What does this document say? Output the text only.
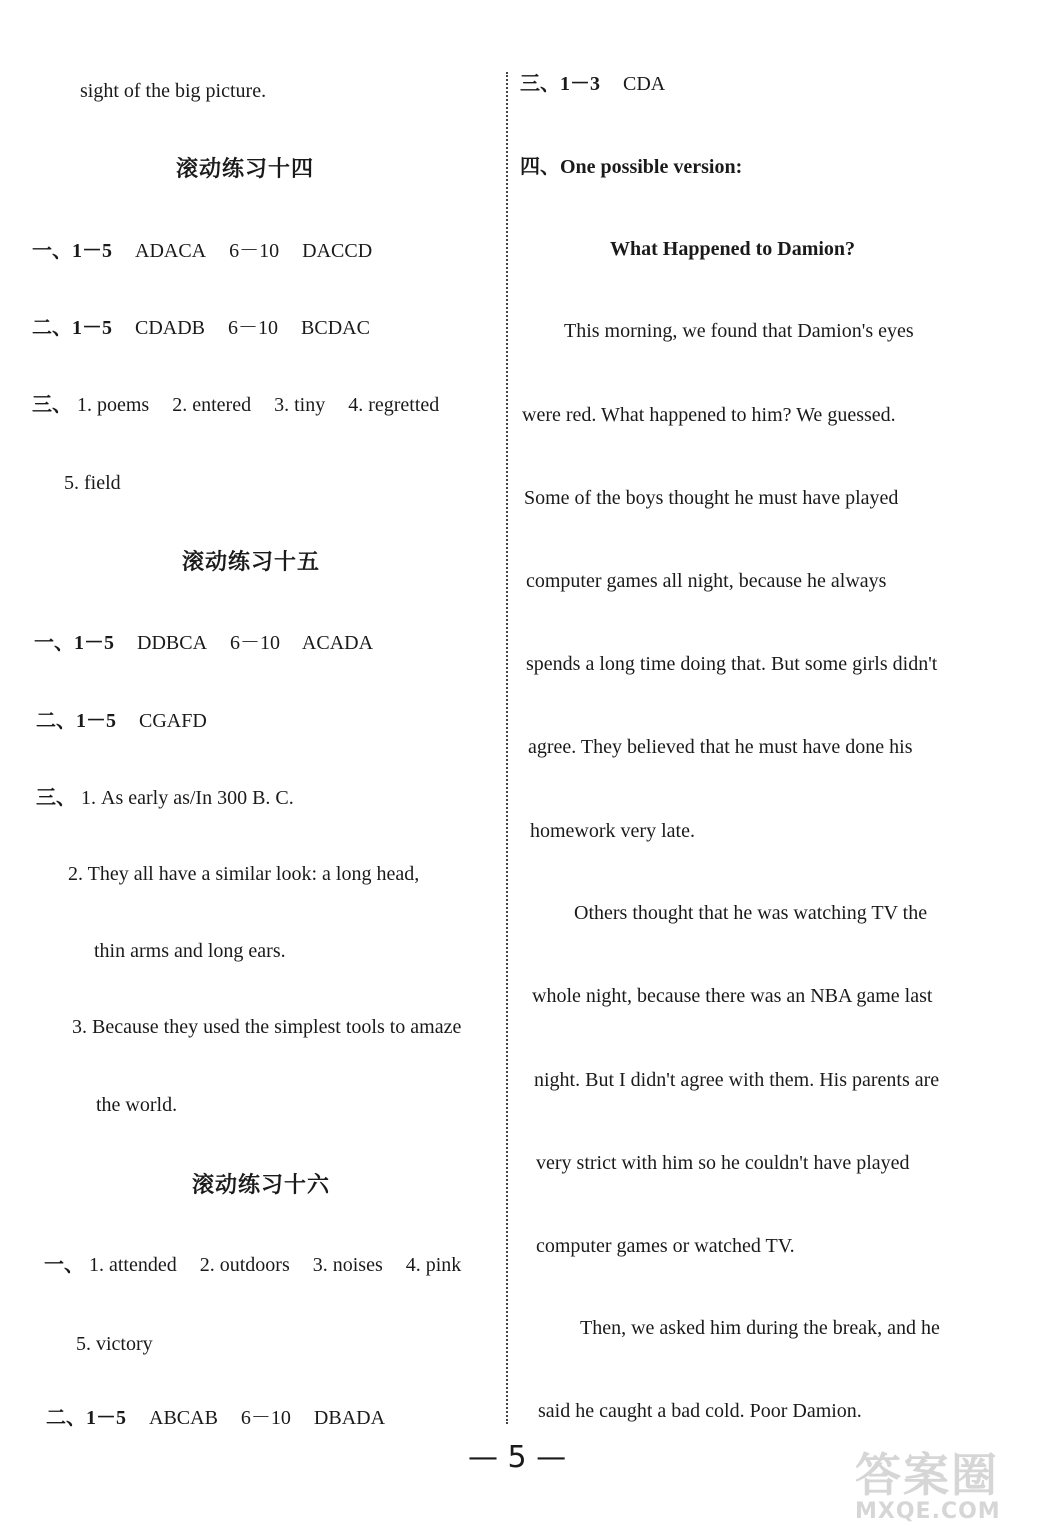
sight of the big picture.
滚动练习十四
一、1－5 ADACA 6－10 DACCD
二、1－5 CDADB 6－10 BCDAC
三、 1. poems 2. entered 3. tiny 4. regretted
5. field
滚动练习十五
一、1－5 DDBCA 6－10 ACADA
二、1－5 CGAFD
三、 1. As early as/In 300 B. C.
2. They all have a similar look: a long head,
thin arms and long ears.
3. Because they used the simplest tools to amaze
the world.
滚动练习十六
一、 1. attended 2. outdoors 3. noises 4. pink
5. victory
二、1－5 ABCAB 6－10 DBADA
三、1－3 CDA
四、One possible version:
What Happened to Damion?
This morning, we found that Damion's eyes
were red. What happened to him? We guessed.
Some of the boys thought he must have played
computer games all night, because he always
spends a long time doing that. But some girls didn't
agree. They believed that he must have done his
homework very late.
Others thought that he was watching TV the
whole night, because there was an NBA game last
night. But I didn't agree with them. His parents are
very strict with him so he couldn't have played
computer games or watched TV.
Then, we asked him during the break, and he
said he caught a bad cold. Poor Damion.
— 5 —	答案圈
MXQE.COM
